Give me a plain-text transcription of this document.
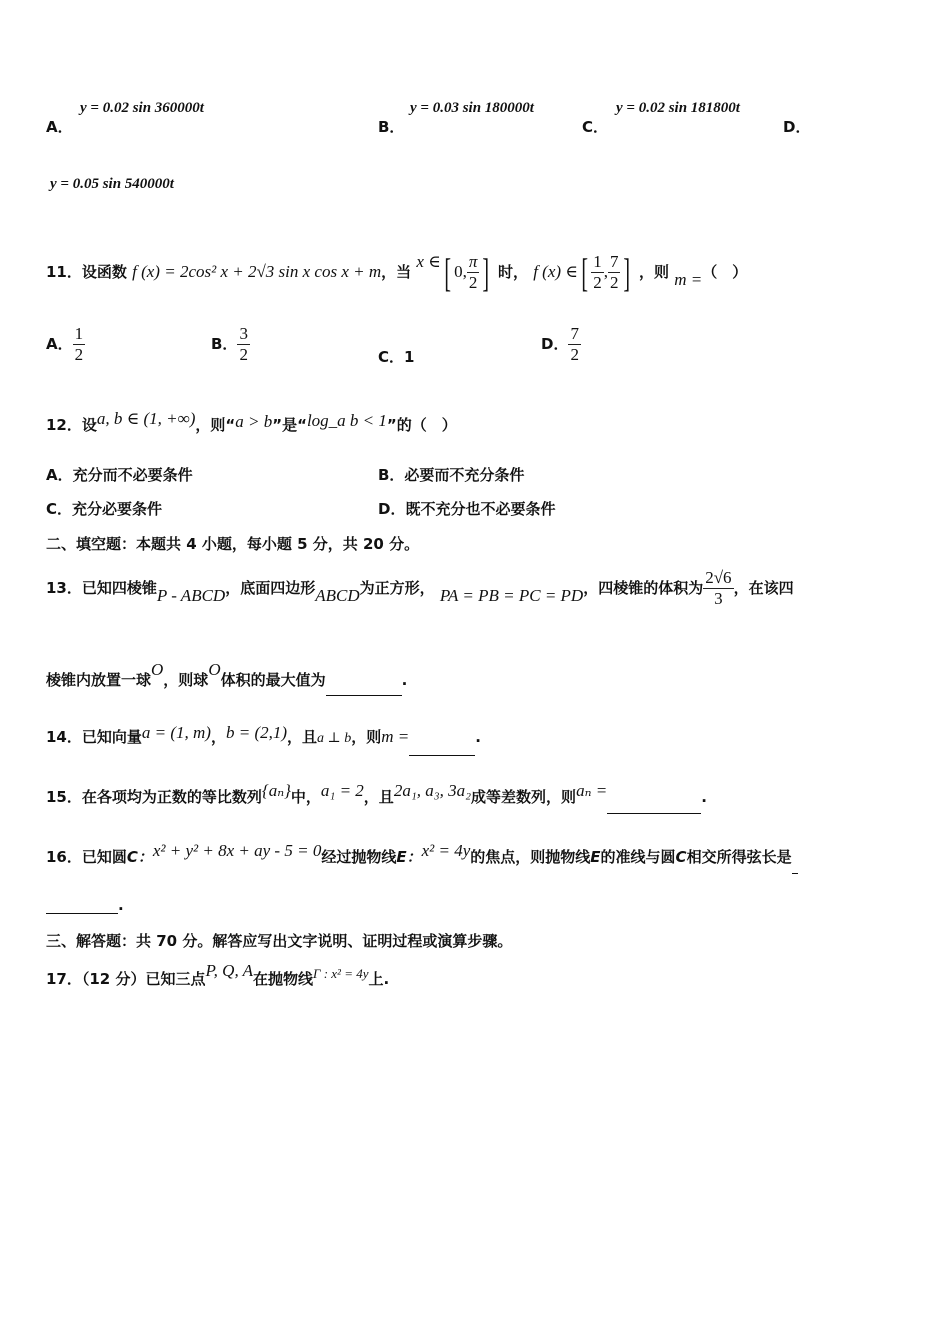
A．
y = 0.02 sin 360000t
B．
y = 0.03 sin 180000t
C．
y = 0.02 sin 181800t
D．
y = 0.05 sin 540000t
11．设函数 f (x) = 2cos² x + 2√3 sin x cos x + m，当 x ∈[ 0, $\frac{\pi}{2}$ ] 时， f (x) ∈[ $\frac{1}{2}$ , $\frac{7}{2}$ ] ，则 m =（　）
A． $\frac{1}{2}$	B． $\frac{3}{2}$	C．1
D． $\frac{7}{2}$
12．设a, b ∈ (1, +∞)，则“a > b”是“log_a b < 1”的（　）
A．充分而不必要条件	B．必要而不充分条件
C．充分必要条件	D．既不充分也不必要条件
二、填空题：本题共 4 小题，每小题 5 分，共 20 分。
13．已知四棱锥P - ABCD，底面四边形ABCD为正方形， PA = PB = PC = PD，四棱锥的体积为 $\frac{2√6}{3}$ ，在该四
棱锥内放置一球O，则球O体积的最大值为	.
14．已知向量a = (1, m)，b = (2,1)，且a ⊥ b，则m =	.
15．在各项均为正数的等比数列{aₙ}中，a₁ = 2，且2a₁, a₃, 3a₂成等差数列，则aₙ =	.
16．已知圆C：x² + y² + 8x + ay - 5 = 0经过抛物线E：x² = 4y的焦点，则抛物线E的准线与圆C相交所得弦长是
.
三、解答题：共 70 分。解答应写出文字说明、证明过程或演算步骤。
17．（12 分）已知三点P, Q, A在抛物线Γ : x² = 4y上.
